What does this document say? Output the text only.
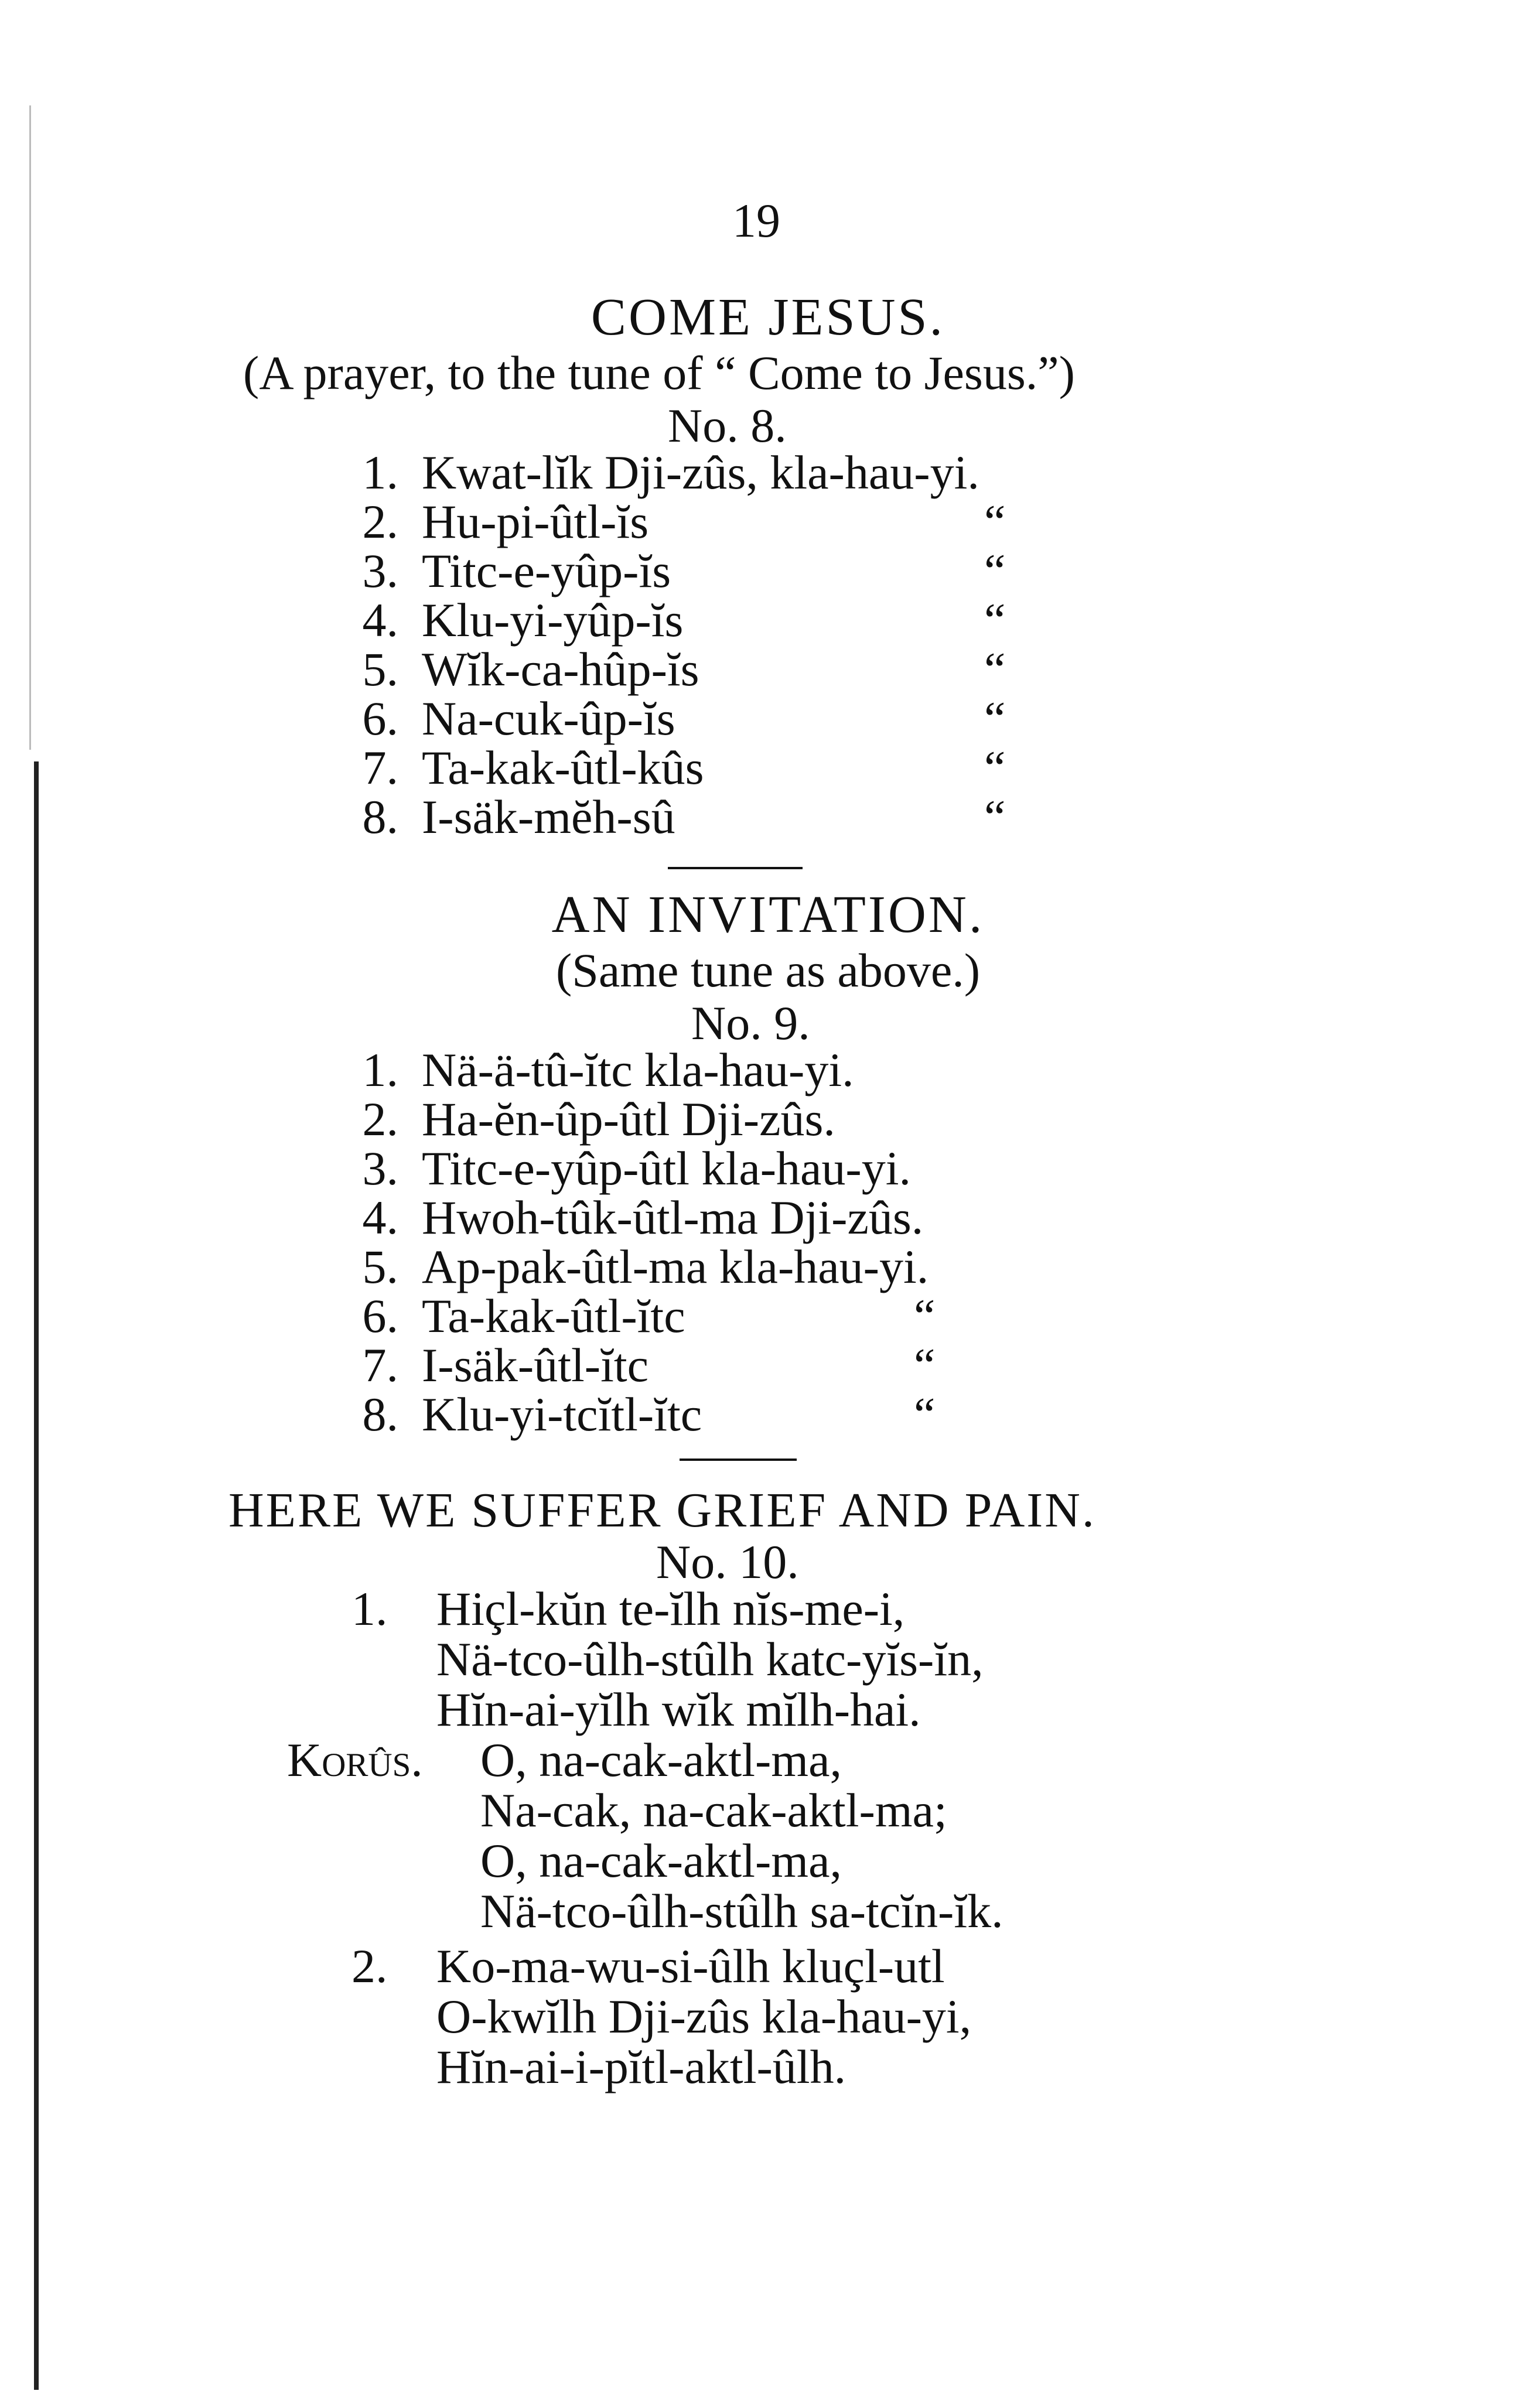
19
COME JESUS.
(A prayer, to the tune of “ Come to Jesus.”)
No. 8.
1. Kwat-lĭk Dji-zûs, kla-hau-yi.
2. Hu-pi-ûtl-ĭs	“
3. Titc-e-yûp-ĭs	“
4. Klu-yi-yûp-ĭs	“
5. Wĭk-ca-hûp-ĭs	“
6. Na-cuk-ûp-ĭs	“
7. Ta-kak-ûtl-kûs	“
8. I-säk-mĕh-sû	“
AN INVITATION.
(Same tune as above.)
No. 9.
1. Nä-ä-tû-ĭtc kla-hau-yi.
2. Ha-ĕn-ûp-ûtl Dji-zûs.
3. Titc-e-yûp-ûtl kla-hau-yi.
4. Hwoh-tûk-ûtl-ma Dji-zûs.
5. Ap-pak-ûtl-ma kla-hau-yi.
6. Ta-kak-ûtl-ĭtc	“
7. I-säk-ûtl-ĭtc	“
8. Klu-yi-tcĭtl-ĭtc	“
HERE WE SUFFER GRIEF AND PAIN.
No. 10.
1. Hiçl-kŭn te-ĭlh nĭs-me-i,
Nä-tco-ûlh-stûlh katc-yĭs-ĭn,
Hĭn-ai-yĭlh wĭk mĭlh-hai.
Korûs. O, na-cak-aktl-ma,
Na-cak, na-cak-aktl-ma;
O, na-cak-aktl-ma,
Nä-tco-ûlh-stûlh sa-tcĭn-ĭk.
2. Ko-ma-wu-si-ûlh kluçl-utl
O-kwĭlh Dji-zûs kla-hau-yi,
Hĭn-ai-i-pĭtl-aktl-ûlh.
